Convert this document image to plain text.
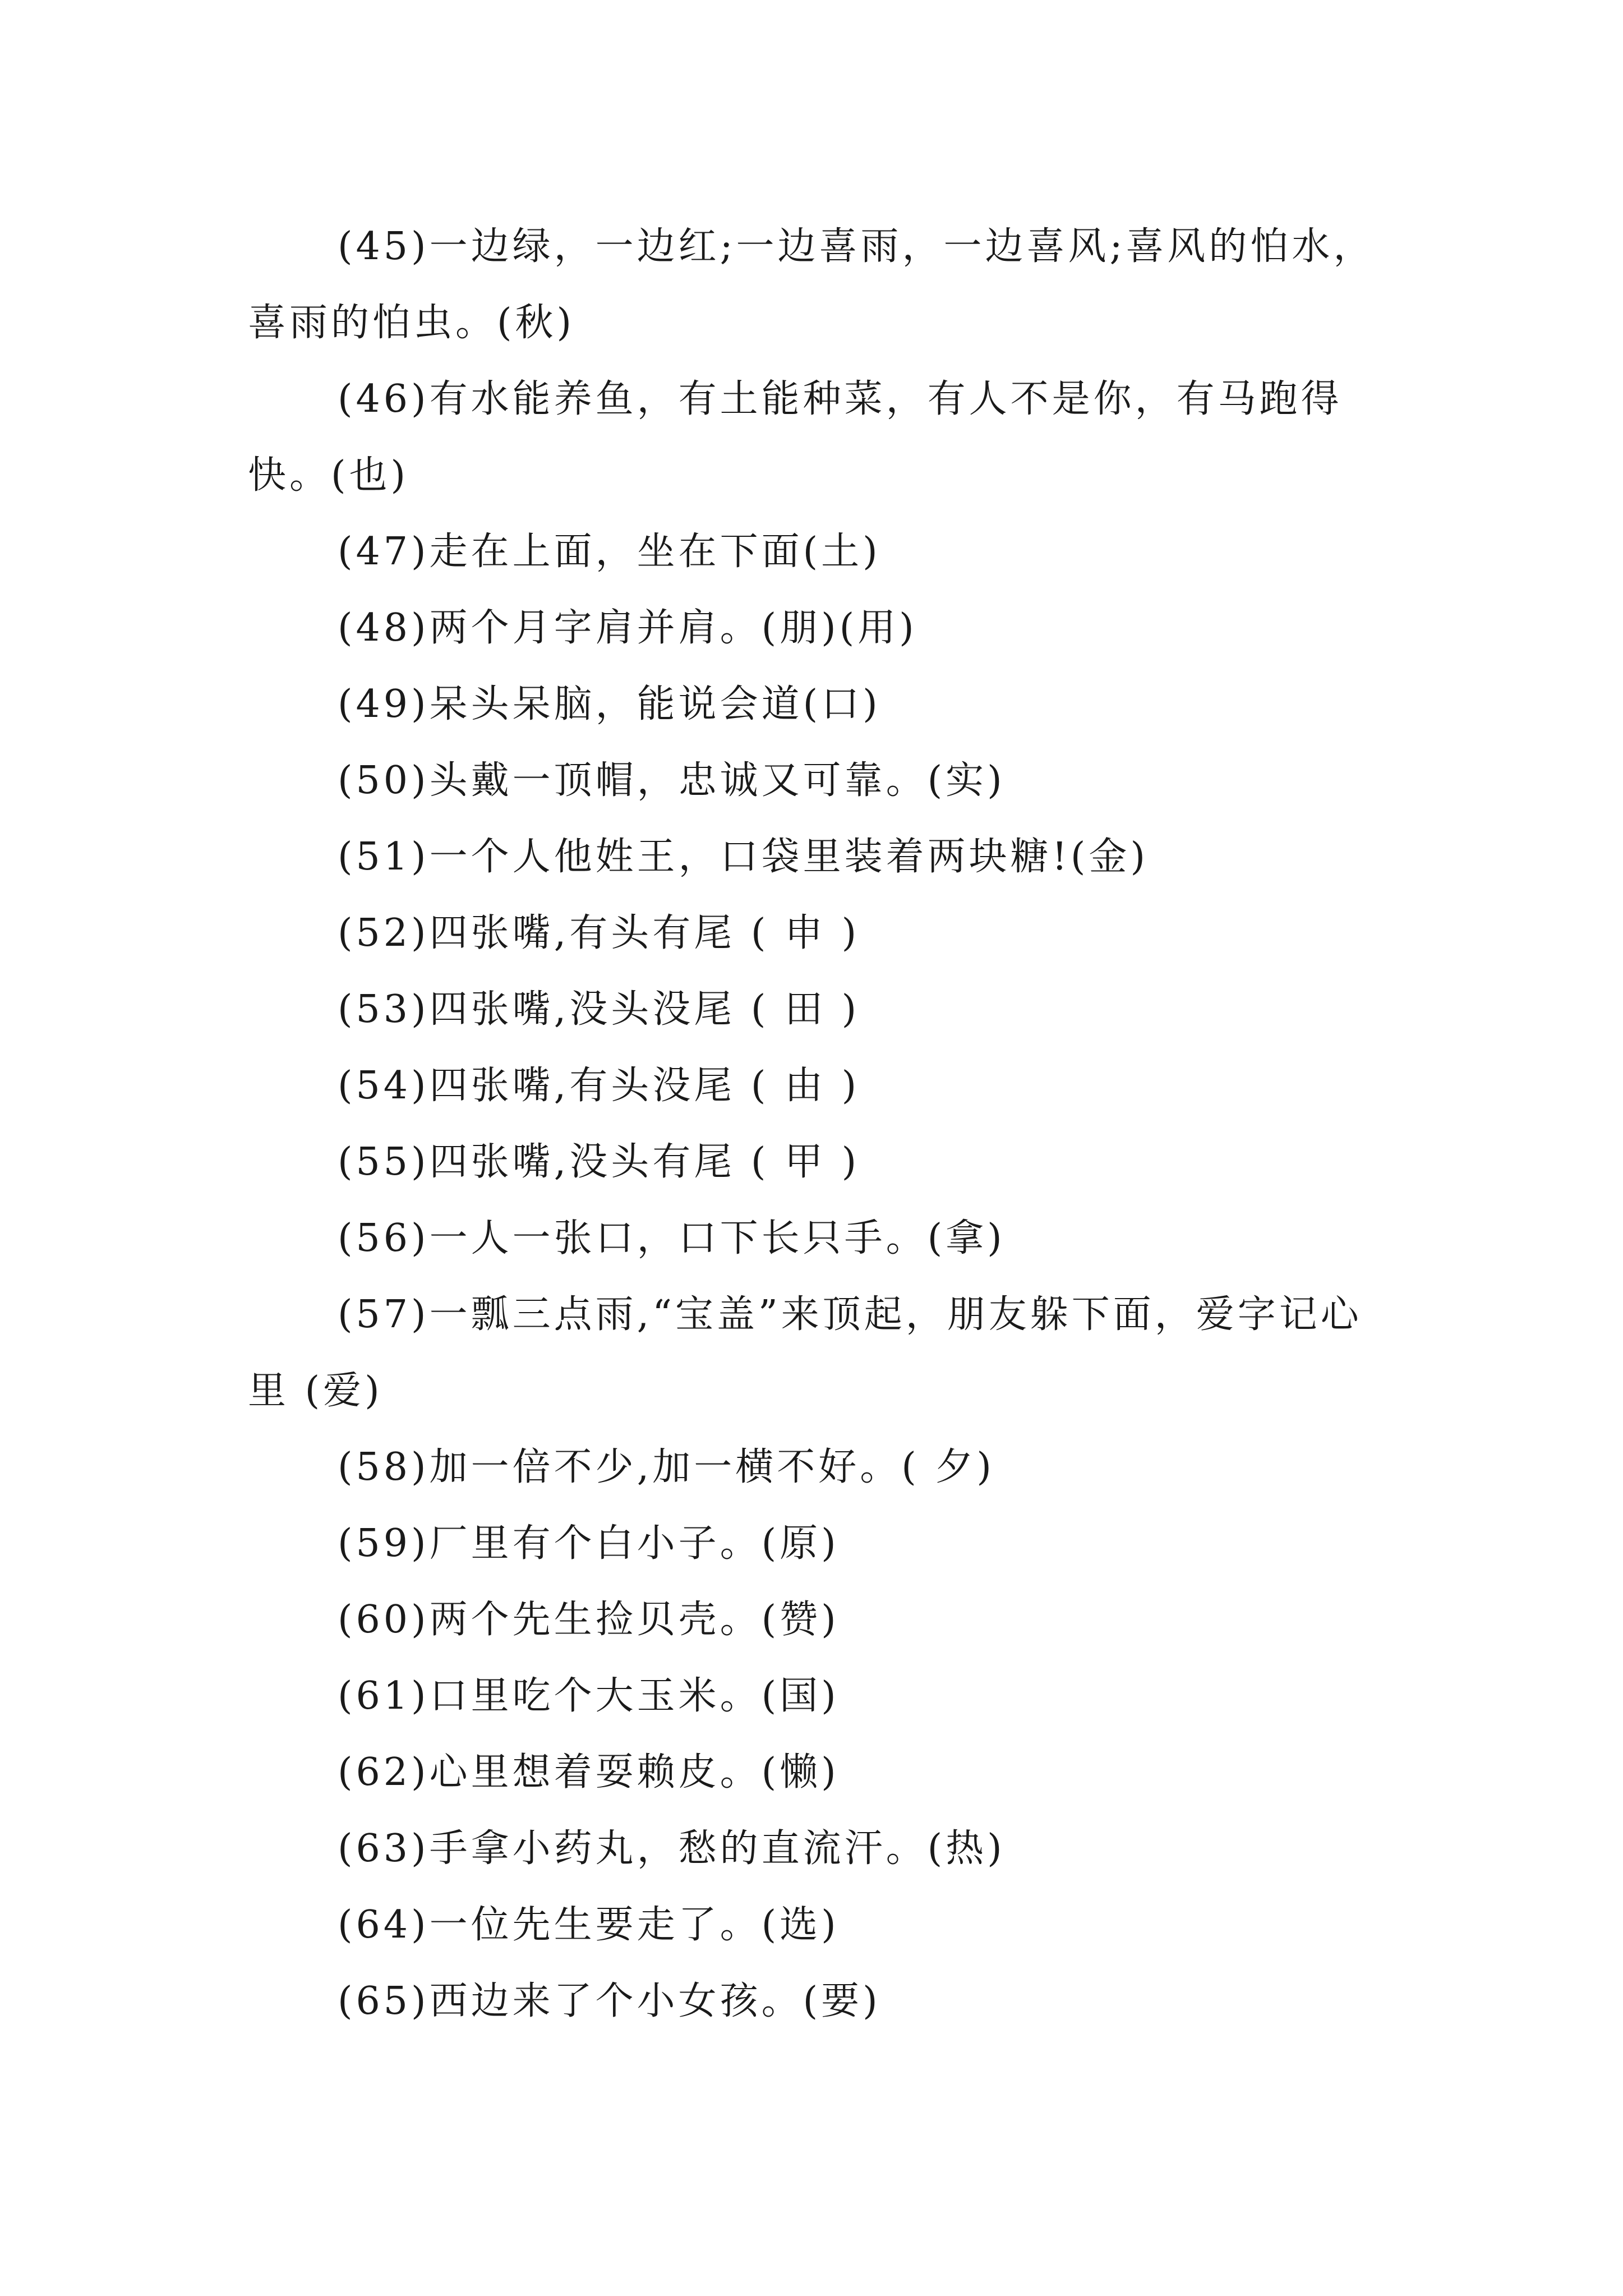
(45)一边绿，一边红;一边喜雨，一边喜风;喜风的怕水，喜雨的怕虫。(秋)

(46)有水能养鱼，有土能种菜，有人不是你，有马跑得快。(也)

(47)走在上面，坐在下面(土)

(48)两个月字肩并肩。(朋)(用)

(49)呆头呆脑，能说会道(口)

(50)头戴一顶帽，忠诚又可靠。(实)

(51)一个人他姓王，口袋里装着两块糖!(金)

(52)四张嘴,有头有尾 ( 申 )

(53)四张嘴,没头没尾 ( 田 )

(54)四张嘴,有头没尾 ( 由 )

(55)四张嘴,没头有尾 ( 甲 )

(56)一人一张口，口下长只手。(拿)

(57)一瓢三点雨,“宝盖”来顶起，朋友躲下面，爱字记心里 (爱)

(58)加一倍不少,加一横不好。( 夕)

(59)厂里有个白小子。(原)

(60)两个先生捡贝壳。(赞)

(61)口里吃个大玉米。(国)

(62)心里想着耍赖皮。(懒)

(63)手拿小药丸，愁的直流汗。(热)

(64)一位先生要走了。(选)

(65)西边来了个小女孩。(要)
